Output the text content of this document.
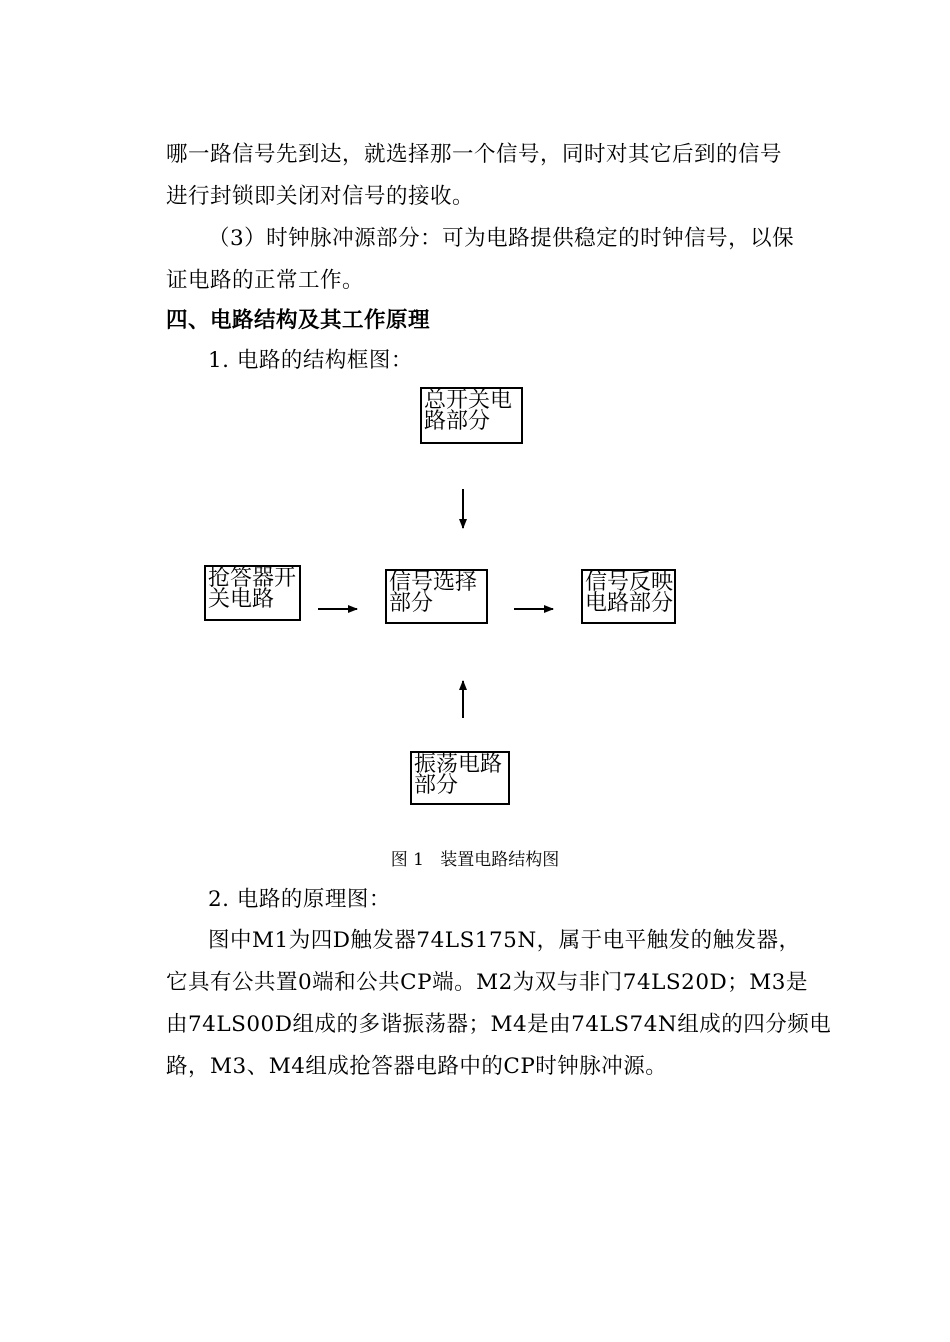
哪一路信号先到达，就选择那一个信号，同时对其它后到的信号
进行封锁即关闭对信号的接收。
（3）时钟脉冲源部分：可为电路提供稳定的时钟信号，以保
证电路的正常工作。
四、电路结构及其工作原理
1. 电路的结构框图：
总开关电
路部分
抢答器开
关电路
信号选择
部分
信号反映
电路部分
振荡电路
部分
图 1   装置电路结构图
2. 电路的原理图：
图中M1为四D触发器74LS175N，属于电平触发的触发器，
它具有公共置0端和公共CP端。M2为双与非门74LS20D；M3是
由74LS00D组成的多谐振荡器；M4是由74LS74N组成的四分频电
路，M3、M4组成抢答器电路中的CP时钟脉冲源。
